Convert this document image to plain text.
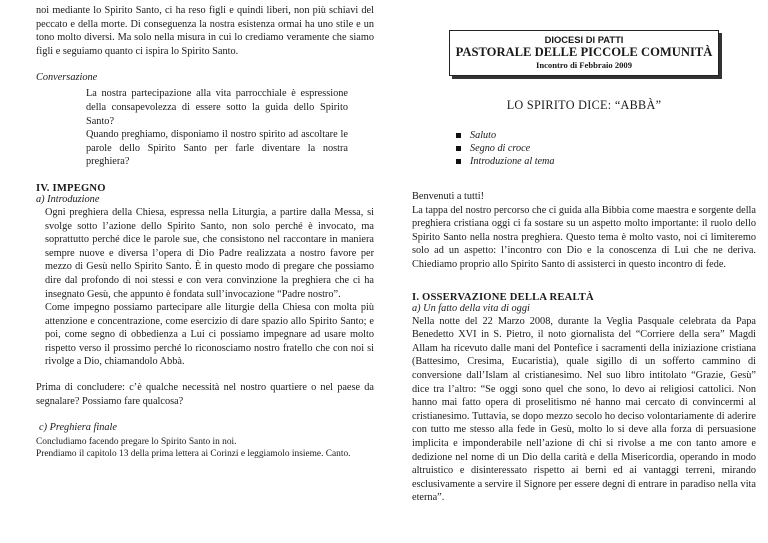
noi mediante lo Spirito Santo, ci ha reso figli e quindi liberi, non più schiavi del peccato e della morte. Di conseguenza la nostra esistenza ormai ha uno stile e un tono molto diversi. Ma solo nella misura in cui lo crediamo veramente che siamo figli e seguiamo quanto ci ispira lo Spirito Santo.

Conversazione

La nostra partecipazione alla vita parrocchiale è espressione della consapevolezza di essere sotto la guida dello Spirito Santo?

Quando preghiamo, disponiamo il nostro spirito ad ascoltare le parole dello Spirito Santo per farle diventare la nostra preghiera?

IV. IMPEGNO
a) Introduzione

Ogni preghiera della Chiesa, espressa nella Liturgia, a partire dalla Messa, si svolge sotto l’azione dello Spirito Santo, non solo perché è invocato, ma soprattutto perché dice le parole sue, che consistono nel raccontare in maniera sempre nuove e diversa l’opera di Dio Padre realizzata a nostro favore per mezzo di Gesù nello Spirito Santo. È in questo modo di pregare che possiamo dire dal profondo di noi stessi e con vera convinzione la preghiera che ci ha insegnato Gesù, che appunto è fondata sull’invocazione “Padre nostro”.

Come impegno possiamo partecipare alle liturgie della Chiesa con molta più attenzione e concentrazione, come esercizio di dare spazio allo Spirito Santo; e poi, come segno di obbedienza a Lui ci possiamo impegnare ad usare molto rispetto verso il prossimo perché lo riconosciamo nostro fratello che con noi si rivolge a Dio, chiamandolo Abbà.

Prima di concludere: c’è qualche necessità nel nostro quartiere o nel paese da segnalare? Possiamo fare qualcosa?

c) Preghiera finale

Concludiamo facendo pregare lo Spirito Santo in noi.

Prendiamo il capitolo 13 della prima lettera ai Corinzi e leggiamolo insieme. Canto.

DIOCESI DI PATTI
PASTORALE DELLE PICCOLE COMUNITÀ
Incontro di Febbraio 2009
LO SPIRITO DICE: “ABBÀ”
Saluto
Segno di croce
Introduzione al tema

Benvenuti a tutti!

La tappa del nostro percorso che ci guida alla Bibbia come maestra e sorgente della preghiera cristiana oggi ci fa sostare su un aspetto molto importante: il ruolo dello Spirito Santo nella nostra preghiera. Questo tema è molto vasto, noi ci limiteremo solo ad un aspetto: l’incontro con Dio e la conoscenza di Lui che ne deriva. Chiediamo proprio allo Spirito Santo di assisterci in questo incontro di fede.

I. OSSERVAZIONE DELLA REALTÀ
a) Un fatto della vita di oggi

Nella notte del 22 Marzo 2008, durante la Veglia Pasquale celebrata da Papa Benedetto XVI in S. Pietro, il noto giornalista del “Corriere della sera” Magdi Allam ha ricevuto dalle mani del Pontefice i sacramenti della iniziazione cristiana (Battesimo, Cresima, Eucaristia), quale sigillo di un sofferto cammino di conversione dall’Islam al cristianesimo. Nel suo libro intitolato “Grazie, Gesù” dice tra l’altro: “Se oggi sono quel che sono, lo devo ai religiosi cattolici. Non hanno mai fatto opera di proselitismo né hanno mai cercato di convincermi al cristianesimo. Tuttavia, se dopo mezzo secolo ho deciso volontariamente di aderire con tutto me stesso alla fede in Gesù, molto lo si deve alla forza di persuasione implicita e imponderabile nell’azione di chi si rivolse a me con tanto amore e dedizione nel nome di un Dio della carità e della Misericordia, operando in modo altruistico e disinteressato rispetto ai berni ed ai vantaggi terreni, mirando esclusivamente a servire il Signore per essere degni di entrare in paradiso nella vita eterna”.
